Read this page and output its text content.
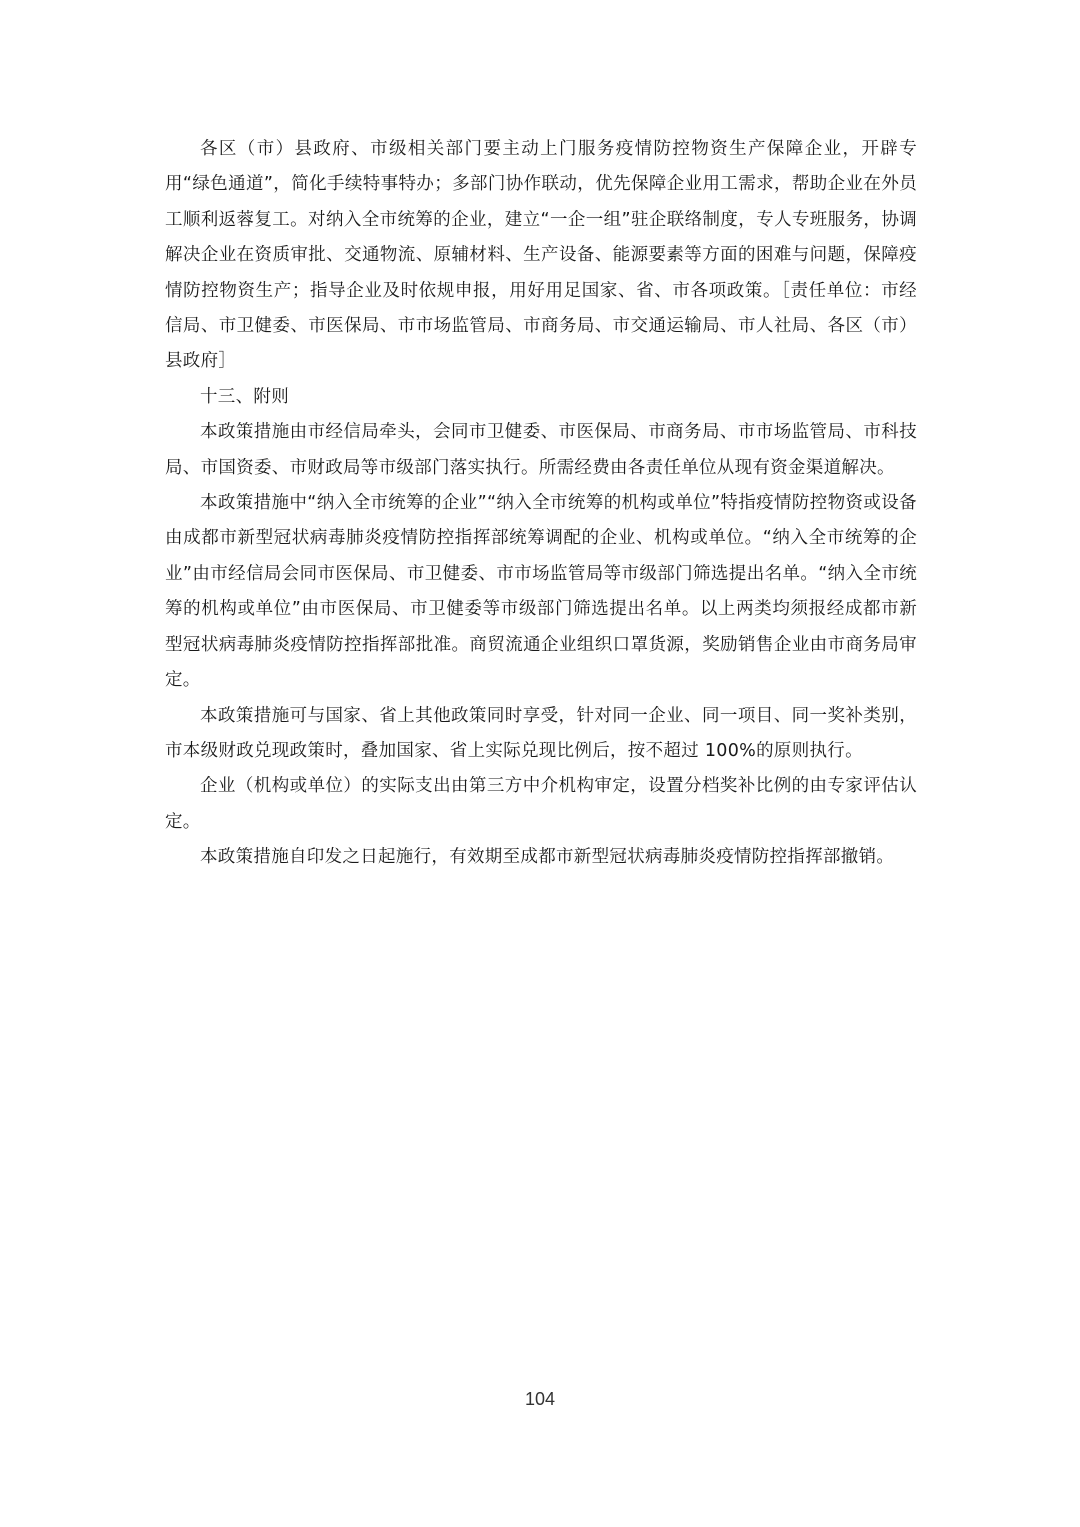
各区（市）县政府、市级相关部门要主动上门服务疫情防控物资生产保障企业，开辟专用“绿色通道”，简化手续特事特办；多部门协作联动，优先保障企业用工需求，帮助企业在外员工顺利返蓉复工。对纳入全市统筹的企业，建立“一企一组”驻企联络制度，专人专班服务，协调解决企业在资质审批、交通物流、原辅材料、生产设备、能源要素等方面的困难与问题，保障疫情防控物资生产；指导企业及时依规申报，用好用足国家、省、市各项政策。［责任单位：市经信局、市卫健委、市医保局、市市场监管局、市商务局、市交通运输局、市人社局、各区（市）县政府］

十三、附则

本政策措施由市经信局牵头，会同市卫健委、市医保局、市商务局、市市场监管局、市科技局、市国资委、市财政局等市级部门落实执行。所需经费由各责任单位从现有资金渠道解决。

本政策措施中“纳入全市统筹的企业”“纳入全市统筹的机构或单位”特指疫情防控物资或设备由成都市新型冠状病毒肺炎疫情防控指挥部统筹调配的企业、机构或单位。“纳入全市统筹的企业”由市经信局会同市医保局、市卫健委、市市场监管局等市级部门筛选提出名单。“纳入全市统筹的机构或单位”由市医保局、市卫健委等市级部门筛选提出名单。以上两类均须报经成都市新型冠状病毒肺炎疫情防控指挥部批准。商贸流通企业组织口罩货源，奖励销售企业由市商务局审定。

本政策措施可与国家、省上其他政策同时享受，针对同一企业、同一项目、同一奖补类别，市本级财政兑现政策时，叠加国家、省上实际兑现比例后，按不超过 100%的原则执行。

企业（机构或单位）的实际支出由第三方中介机构审定，设置分档奖补比例的由专家评估认定。

本政策措施自印发之日起施行，有效期至成都市新型冠状病毒肺炎疫情防控指挥部撤销。

104
